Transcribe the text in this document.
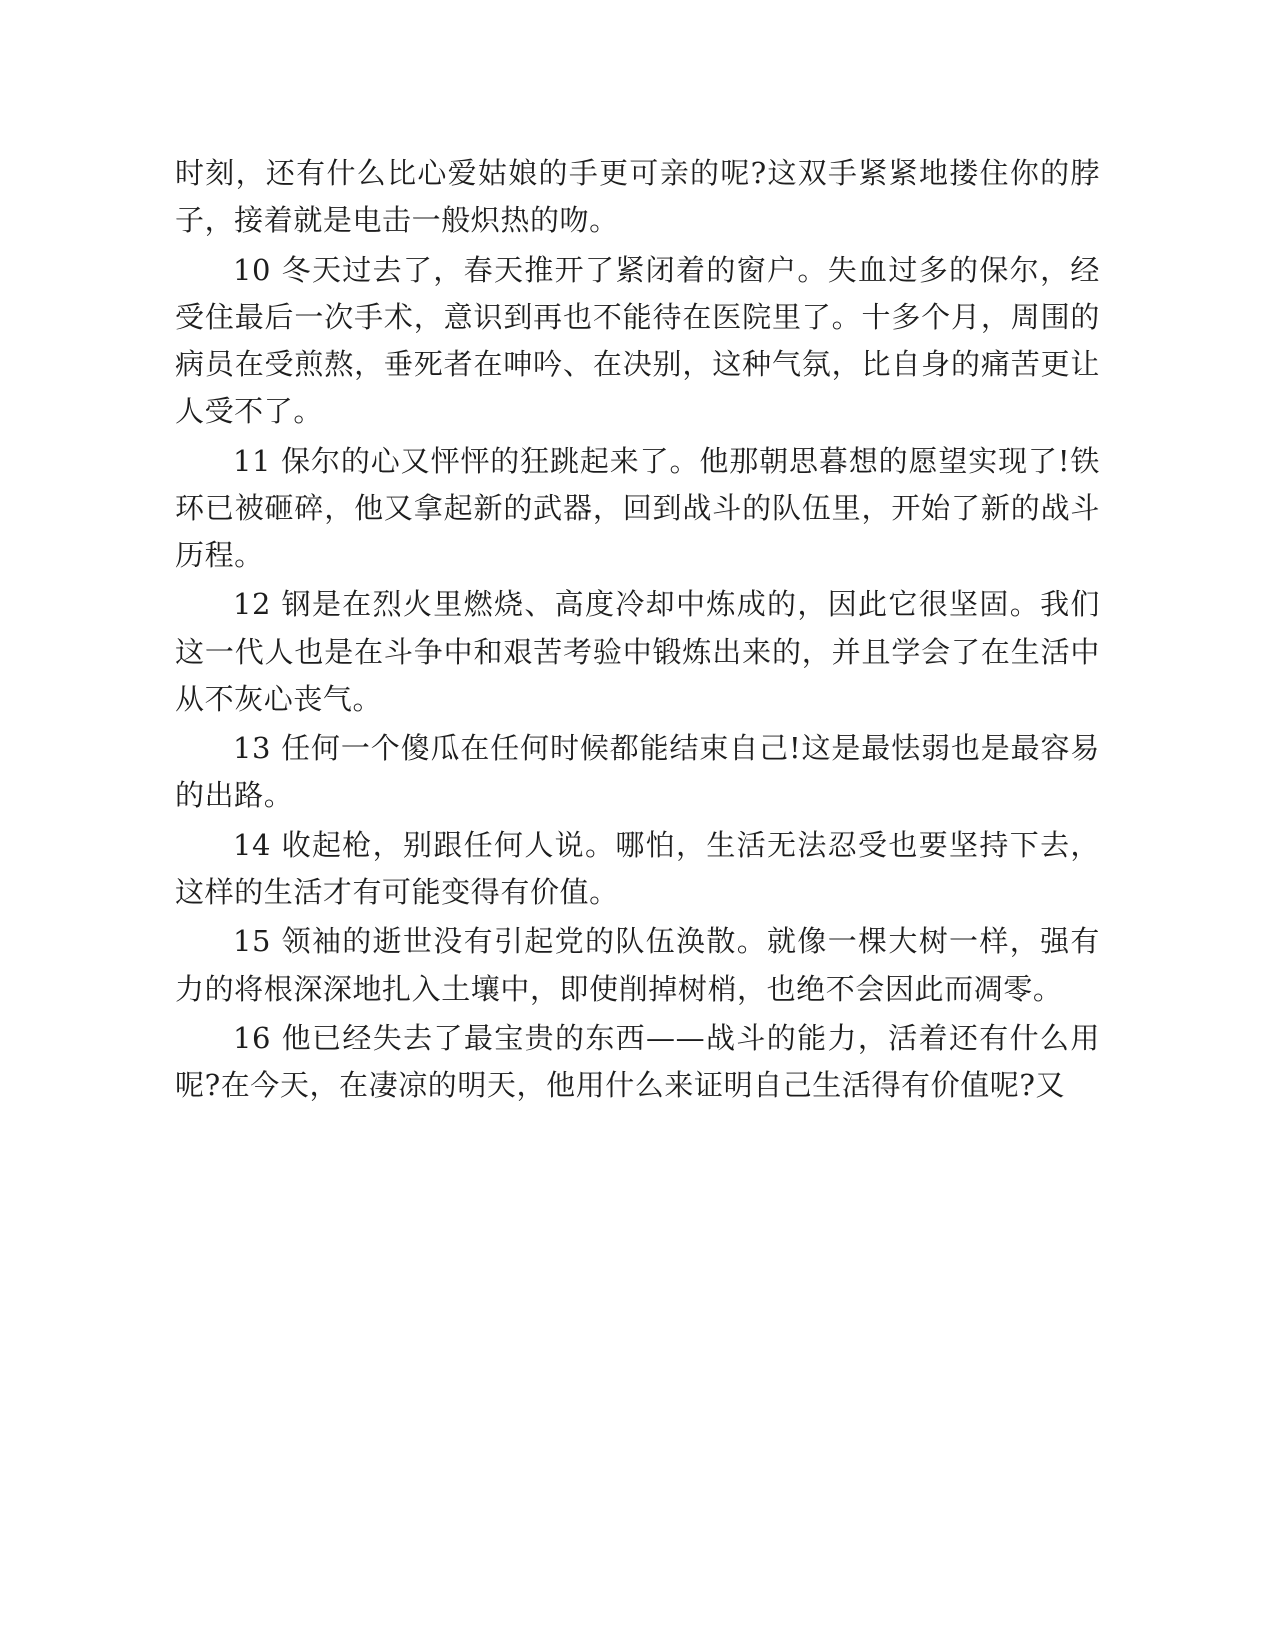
时刻，还有什么比心爱姑娘的手更可亲的呢?这双手紧紧地搂住你的脖子，接着就是电击一般炽热的吻。

10 冬天过去了，春天推开了紧闭着的窗户。失血过多的保尔，经受住最后一次手术，意识到再也不能待在医院里了。十多个月，周围的病员在受煎熬，垂死者在呻吟、在决别，这种气氛，比自身的痛苦更让人受不了。

11 保尔的心又怦怦的狂跳起来了。他那朝思暮想的愿望实现了!铁环已被砸碎，他又拿起新的武器，回到战斗的队伍里，开始了新的战斗历程。

12 钢是在烈火里燃烧、高度冷却中炼成的，因此它很坚固。我们这一代人也是在斗争中和艰苦考验中锻炼出来的，并且学会了在生活中从不灰心丧气。

13 任何一个傻瓜在任何时候都能结束自己!这是最怯弱也是最容易的出路。

14 收起枪，别跟任何人说。哪怕，生活无法忍受也要坚持下去，这样的生活才有可能变得有价值。

15 领袖的逝世没有引起党的队伍涣散。就像一棵大树一样，强有力的将根深深地扎入土壤中，即使削掉树梢，也绝不会因此而凋零。

16 他已经失去了最宝贵的东西——战斗的能力，活着还有什么用呢?在今天，在凄凉的明天，他用什么来证明自己生活得有价值呢?又
